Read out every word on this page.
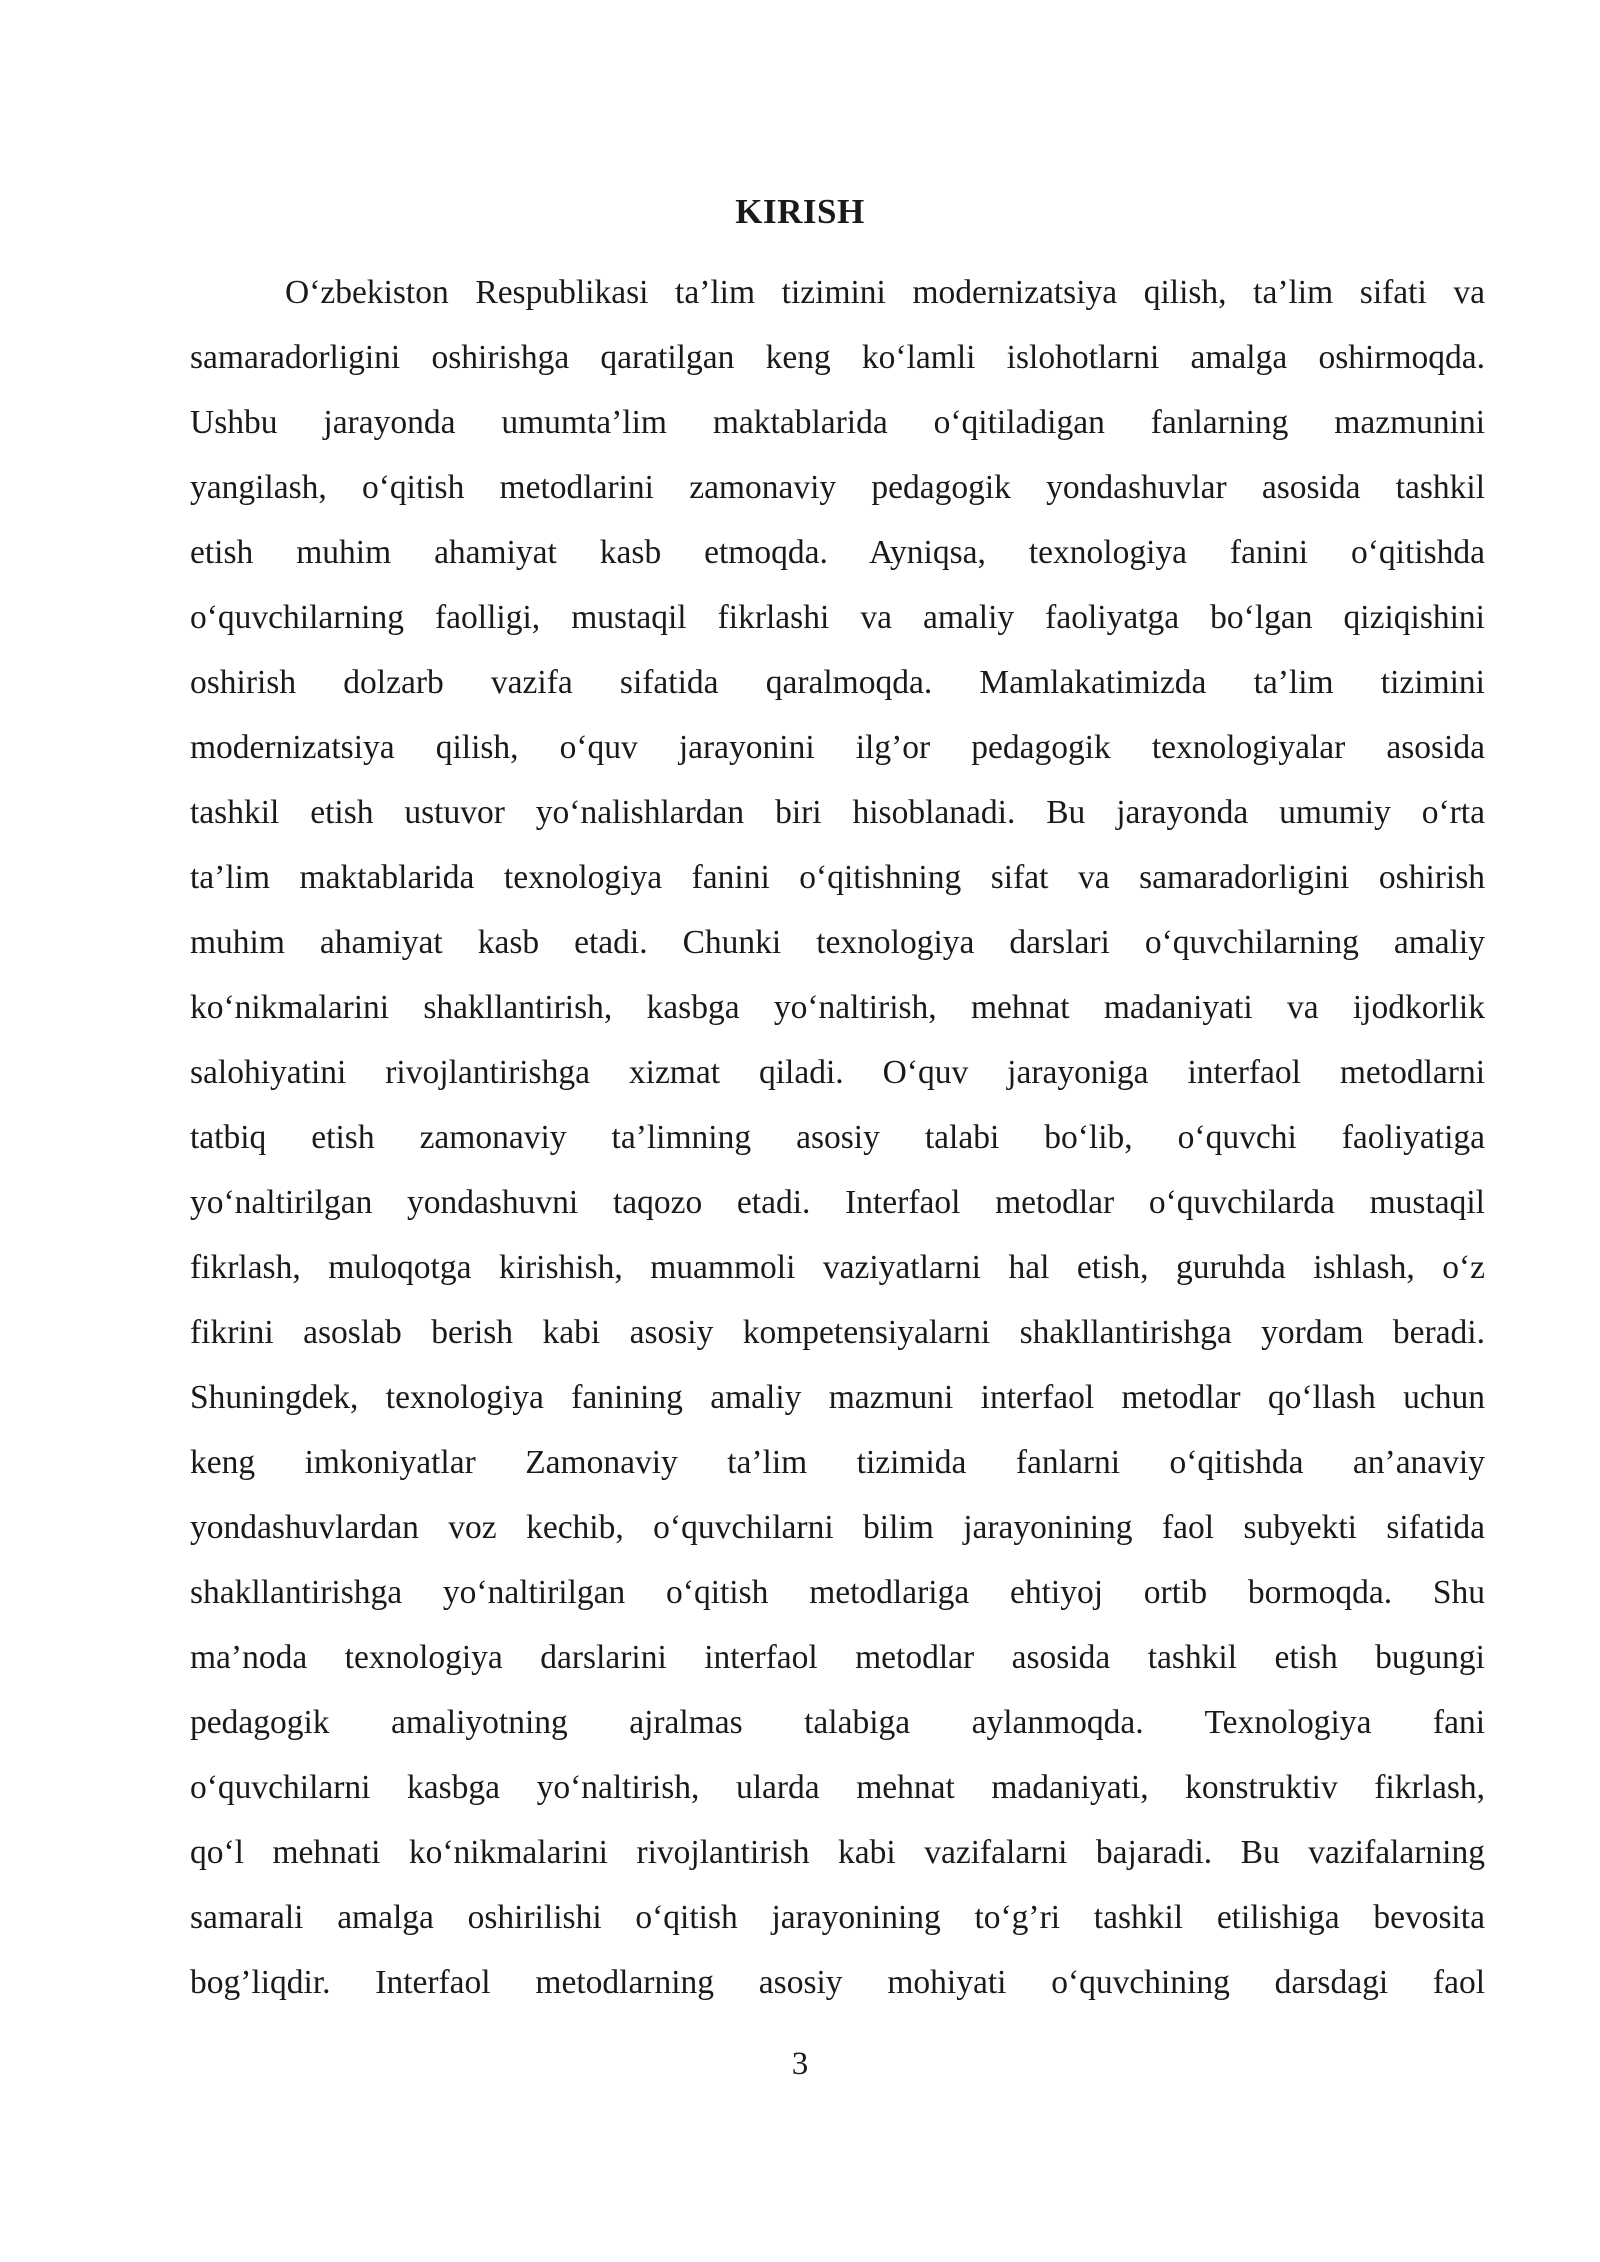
KIRISH
O‘zbekiston Respublikasi ta’lim tizimini modernizatsiya qilish, ta’lim sifati va
samaradorligini oshirishga qaratilgan keng ko‘lamli islohotlarni amalga oshirmoqda.
Ushbu jarayonda umumta’lim maktablarida o‘qitiladigan fanlarning mazmunini
yangilash, o‘qitish metodlarini zamonaviy pedagogik yondashuvlar asosida tashkil
etish muhim ahamiyat kasb etmoqda. Ayniqsa, texnologiya fanini o‘qitishda
o‘quvchilarning faolligi, mustaqil fikrlashi va amaliy faoliyatga bo‘lgan qiziqishini
oshirish dolzarb vazifa sifatida qaralmoqda. Mamlakatimizda ta’lim tizimini
modernizatsiya qilish, o‘quv jarayonini ilg’or pedagogik texnologiyalar asosida
tashkil etish ustuvor yo‘nalishlardan biri hisoblanadi. Bu jarayonda umumiy o‘rta
ta’lim maktablarida texnologiya fanini o‘qitishning sifat va samaradorligini oshirish
muhim ahamiyat kasb etadi. Chunki texnologiya darslari o‘quvchilarning amaliy
ko‘nikmalarini shakllantirish, kasbga yo‘naltirish, mehnat madaniyati va ijodkorlik
salohiyatini rivojlantirishga xizmat qiladi. O‘quv jarayoniga interfaol metodlarni
tatbiq etish zamonaviy ta’limning asosiy talabi bo‘lib, o‘quvchi faoliyatiga
yo‘naltirilgan yondashuvni taqozo etadi. Interfaol metodlar o‘quvchilarda mustaqil
fikrlash, muloqotga kirishish, muammoli vaziyatlarni hal etish, guruhda ishlash, o‘z
fikrini asoslab berish kabi asosiy kompetensiyalarni shakllantirishga yordam beradi.
Shuningdek, texnologiya fanining amaliy mazmuni interfaol metodlar qo‘llash uchun
keng imkoniyatlar Zamonaviy ta’lim tizimida fanlarni o‘qitishda an’anaviy
yondashuvlardan voz kechib, o‘quvchilarni bilim jarayonining faol subyekti sifatida
shakllantirishga yo‘naltirilgan o‘qitish metodlariga ehtiyoj ortib bormoqda. Shu
ma’noda texnologiya darslarini interfaol metodlar asosida tashkil etish bugungi
pedagogik amaliyotning ajralmas talabiga aylanmoqda. Texnologiya fani
o‘quvchilarni kasbga yo‘naltirish, ularda mehnat madaniyati, konstruktiv fikrlash,
qo‘l mehnati ko‘nikmalarini rivojlantirish kabi vazifalarni bajaradi. Bu vazifalarning
samarali amalga oshirilishi o‘qitish jarayonining to‘g’ri tashkil etilishiga bevosita
bog’liqdir. Interfaol metodlarning asosiy mohiyati o‘quvchining darsdagi faol
3
